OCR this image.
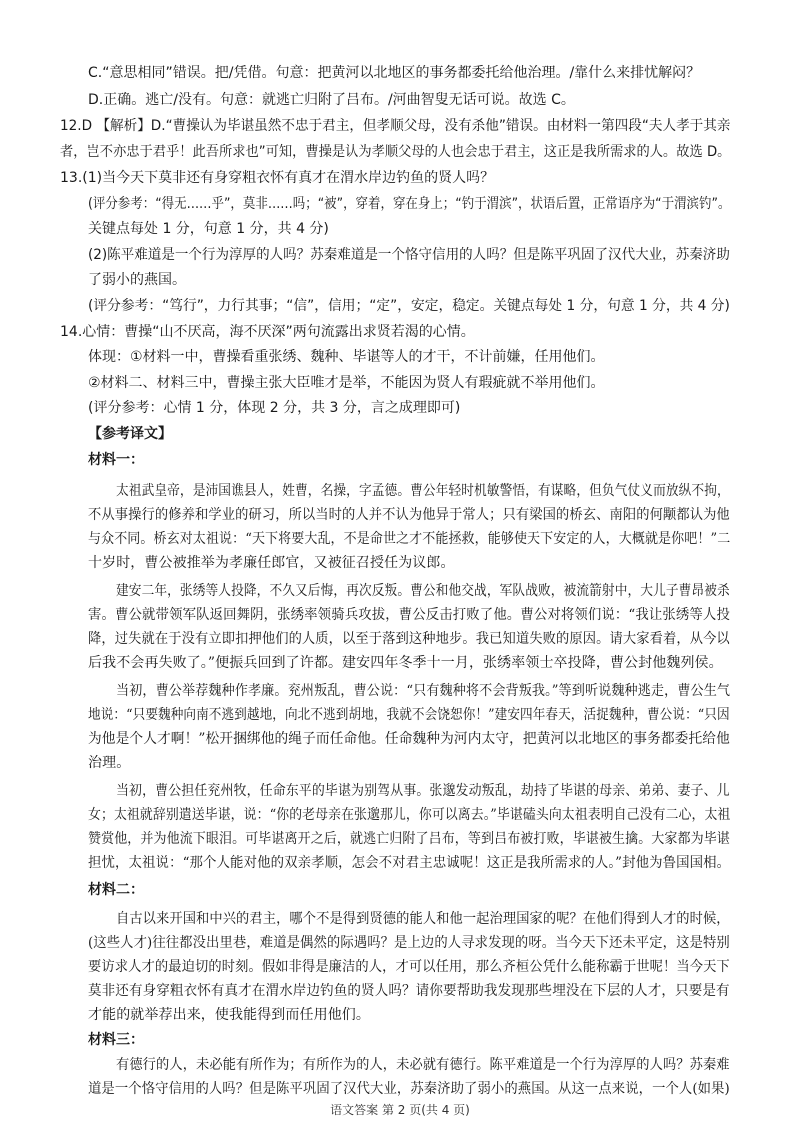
C.“意思相同”错误。把/凭借。句意：把黄河以北地区的事务都委托给他治理。/靠什么来排忧解闷？
D.正确。逃亡/没有。句意：就逃亡归附了吕布。/河曲智叟无话可说。故选 C。
12.D 【解析】D.“曹操认为毕谌虽然不忠于君主，但孝顺父母，没有杀他”错误。由材料一第四段“夫人孝于其亲
者，岂不亦忠于君乎！此吾所求也”可知，曹操是认为孝顺父母的人也会忠于君主，这正是我所需求的人。故选 D。
13.(1)当今天下莫非还有身穿粗衣怀有真才在渭水岸边钓鱼的贤人吗？
(评分参考：“得无……乎”，莫非……吗；“被”，穿着，穿在身上；“钓于渭滨”，状语后置，正常语序为“于渭滨钓”。
关键点每处 1 分，句意 1 分，共 4 分)
(2)陈平难道是一个行为淳厚的人吗？苏秦难道是一个恪守信用的人吗？但是陈平巩固了汉代大业，苏秦济助
了弱小的燕国。
(评分参考：“笃行”，力行其事；“信”，信用；“定”，安定，稳定。关键点每处 1 分，句意 1 分，共 4 分)
14.心情：曹操“山不厌高，海不厌深”两句流露出求贤若渴的心情。
体现：①材料一中，曹操看重张绣、魏种、毕谌等人的才干，不计前嫌，任用他们。
②材料二、材料三中，曹操主张大臣唯才是举，不能因为贤人有瑕疵就不举用他们。
(评分参考：心情 1 分，体现 2 分，共 3 分，言之成理即可)
【参考译文】
材料一：
太祖武皇帝，是沛国谯县人，姓曹，名操，字孟德。曹公年轻时机敏警悟，有谋略，但负气仗义而放纵不拘，
不从事操行的修养和学业的研习，所以当时的人并不认为他异于常人；只有梁国的桥玄、南阳的何颙都认为他
与众不同。桥玄对太祖说：“天下将要大乱，不是命世之才不能拯救，能够使天下安定的人，大概就是你吧！”二
十岁时，曹公被推举为孝廉任郎官，又被征召授任为议郎。
建安二年，张绣等人投降，不久又后悔，再次反叛。曹公和他交战，军队战败，被流箭射中，大儿子曹昂被杀
害。曹公就带领军队返回舞阴，张绣率领骑兵攻拔，曹公反击打败了他。曹公对将领们说：“我让张绣等人投
降，过失就在于没有立即扣押他们的人质，以至于落到这种地步。我已知道失败的原因。请大家看着，从今以
后我不会再失败了。”便振兵回到了许都。建安四年冬季十一月，张绣率领士卒投降，曹公封他魏列侯。
当初，曹公举荐魏种作孝廉。兖州叛乱，曹公说：“只有魏种将不会背叛我。”等到听说魏种逃走，曹公生气
地说：“只要魏种向南不逃到越地，向北不逃到胡地，我就不会饶恕你！”建安四年春天，活捉魏种，曹公说：“只因
为他是个人才啊！”松开捆绑他的绳子而任命他。任命魏种为河内太守，把黄河以北地区的事务都委托给他
治理。
当初，曹公担任兖州牧，任命东平的毕谌为别驾从事。张邈发动叛乱，劫持了毕谌的母亲、弟弟、妻子、儿
女；太祖就辞别遣送毕谌，说：“你的老母亲在张邈那儿，你可以离去。”毕谌磕头向太祖表明自己没有二心，太祖
赞赏他，并为他流下眼泪。可毕谌离开之后，就逃亡归附了吕布，等到吕布被打败，毕谌被生擒。大家都为毕谌
担忧，太祖说：“那个人能对他的双亲孝顺，怎会不对君主忠诚呢！这正是我所需求的人。”封他为鲁国国相。
材料二：
自古以来开国和中兴的君主，哪个不是得到贤德的能人和他一起治理国家的呢？在他们得到人才的时候，
(这些人才)往往都没出里巷，难道是偶然的际遇吗？是上边的人寻求发现的呀。当今天下还未平定，这是特别
要访求人才的最迫切的时刻。假如非得是廉洁的人，才可以任用，那么齐桓公凭什么能称霸于世呢！当今天下
莫非还有身穿粗衣怀有真才在渭水岸边钓鱼的贤人吗？请你要帮助我发现那些埋没在下层的人才，只要是有
才能的就举荐出来，使我能得到而任用他们。
材料三：
有德行的人，未必能有所作为；有所作为的人，未必就有德行。陈平难道是一个行为淳厚的人吗？苏秦难
语文答案 第 2 页(共 4 页)
道是一个恪守信用的人吗？但是陈平巩固了汉代大业，苏秦济助了弱小的燕国。从这一点来说，一个人(如果)
